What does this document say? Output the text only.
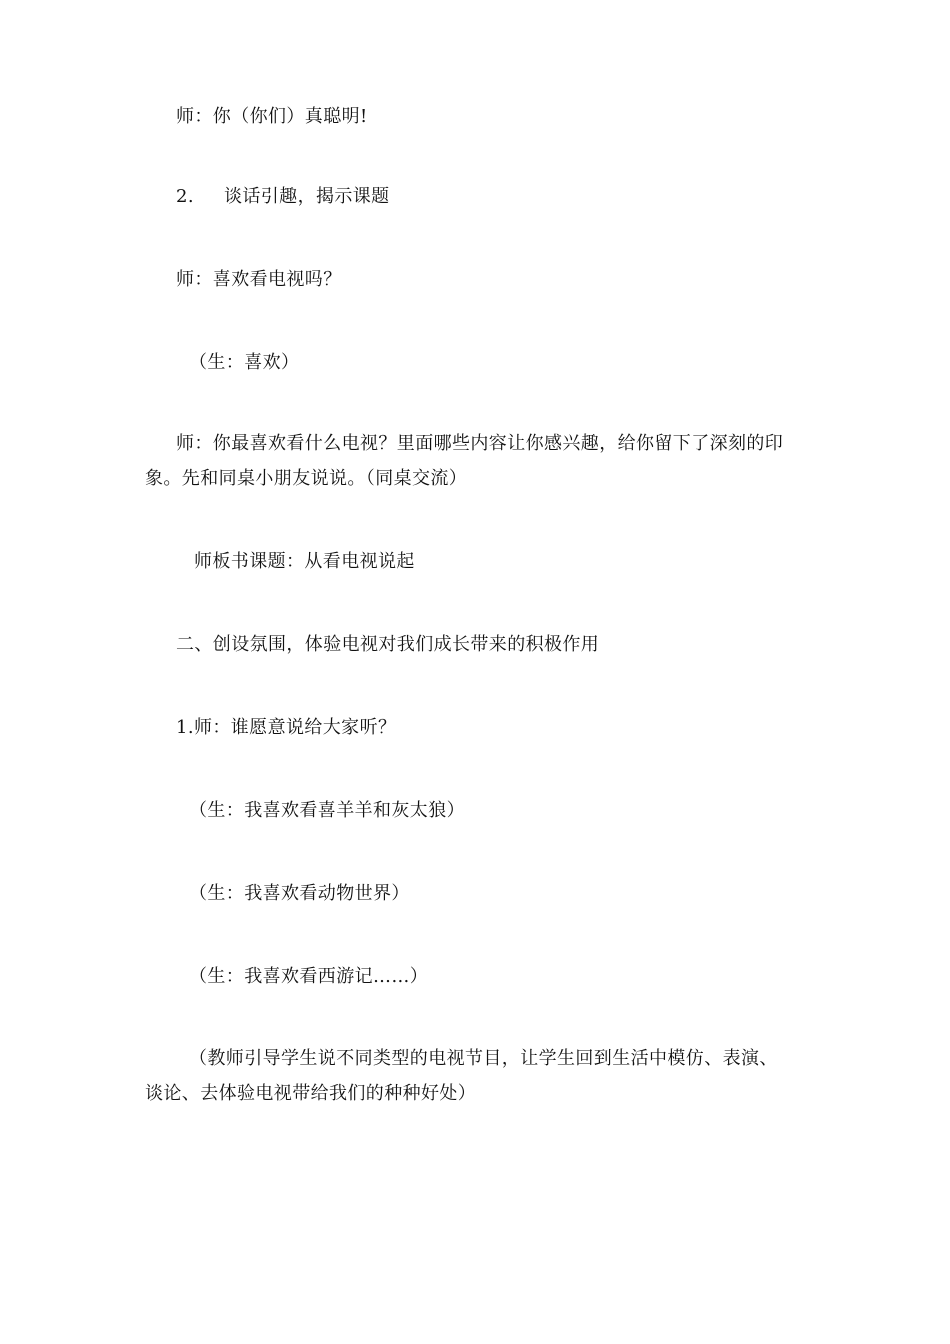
师：你（你们）真聪明!
2. 谈话引趣，揭示课题
师：喜欢看电视吗？
（生：喜欢）
师：你最喜欢看什么电视？里面哪些内容让你感兴趣，给你留下了深刻的印
象。先和同桌小朋友说说。（同桌交流）
师板书课题：从看电视说起
二、创设氛围，体验电视对我们成长带来的积极作用
1.师：谁愿意说给大家听？
（生：我喜欢看喜羊羊和灰太狼）
（生：我喜欢看动物世界）
（生：我喜欢看西游记……）
（教师引导学生说不同类型的电视节目，让学生回到生活中模仿、表演、
谈论、去体验电视带给我们的种种好处）
